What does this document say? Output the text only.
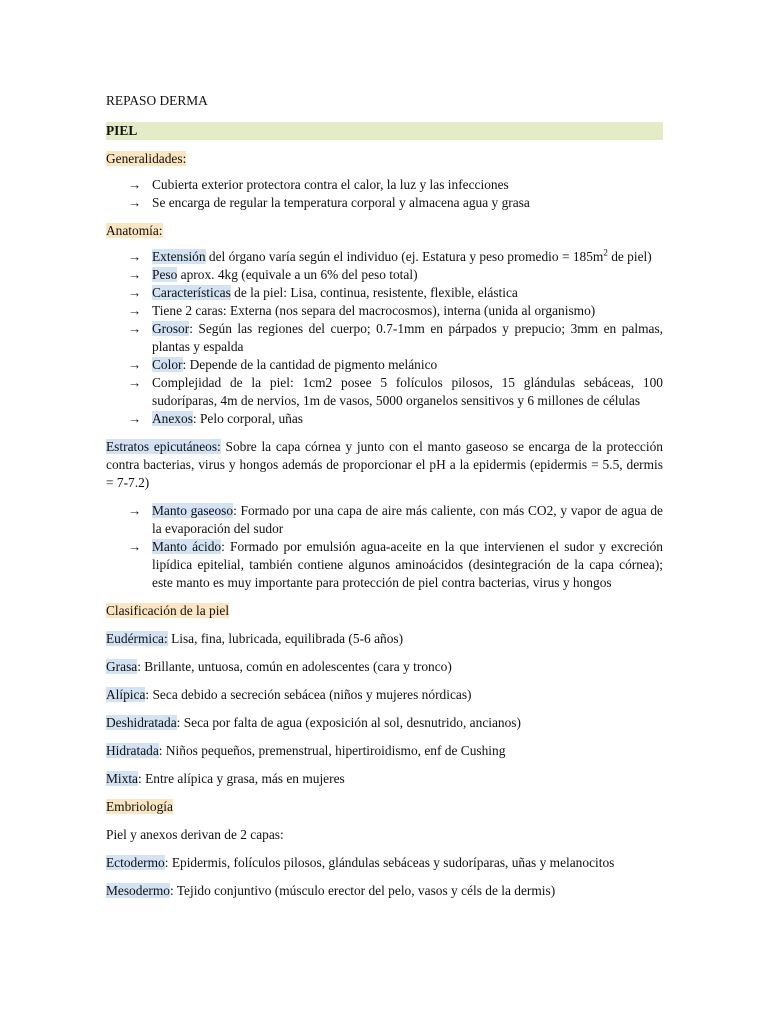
REPASO DERMA

PIEL

Generalidades:

→ Cubierta exterior protectora contra el calor, la luz y las infecciones
→ Se encarga de regular la temperatura corporal y almacena agua y grasa

Anatomía:

→ Extensión del órgano varía según el individuo (ej. Estatura y peso promedio = $185m^2$ de piel)
→ Peso aprox. 4kg (equivale a un 6% del peso total)
→ Características de la piel: Lisa, continua, resistente, flexible, elástica
→ Tiene 2 caras: Externa (nos separa del macrocosmos), interna (unida al organismo)
→ Grosor: Según las regiones del cuerpo; 0.7-1mm en párpados y prepucio; 3mm en palmas, plantas y espalda
→ Color: Depende de la cantidad de pigmento melánico
→ Complejidad de la piel: 1cm2 posee 5 folículos pilosos, 15 glándulas sebáceas, 100 sudoríparas, 4m de nervios, 1m de vasos, 5000 organelos sensitivos y 6 millones de células
→ Anexos: Pelo corporal, uñas

Estratos epicutáneos: Sobre la capa córnea y junto con el manto gaseoso se encarga de la protección contra bacterias, virus y hongos además de proporcionar el pH a la epidermis (epidermis = 5.5, dermis = 7-7.2)

→ Manto gaseoso: Formado por una capa de aire más caliente, con más CO2, y vapor de agua de la evaporación del sudor
→ Manto ácido: Formado por emulsión agua-aceite en la que intervienen el sudor y excreción lipídica epitelial, también contiene algunos aminoácidos (desintegración de la capa córnea); este manto es muy importante para protección de piel contra bacterias, virus y hongos

Clasificación de la piel

Eudérmica: Lisa, fina, lubricada, equilibrada (5-6 años)

Grasa: Brillante, untuosa, común en adolescentes (cara y tronco)

Alípica: Seca debido a secreción sebácea (niños y mujeres nórdicas)

Deshidratada: Seca por falta de agua (exposición al sol, desnutrido, ancianos)

Hidratada: Niños pequeños, premenstrual, hipertiroidismo, enf de Cushing

Mixta: Entre alípica y grasa, más en mujeres

Embriología

Piel y anexos derivan de 2 capas:

Ectodermo: Epidermis, folículos pilosos, glándulas sebáceas y sudoríparas, uñas y melanocitos

Mesodermo: Tejido conjuntivo (músculo erector del pelo, vasos y céls de la dermis)
